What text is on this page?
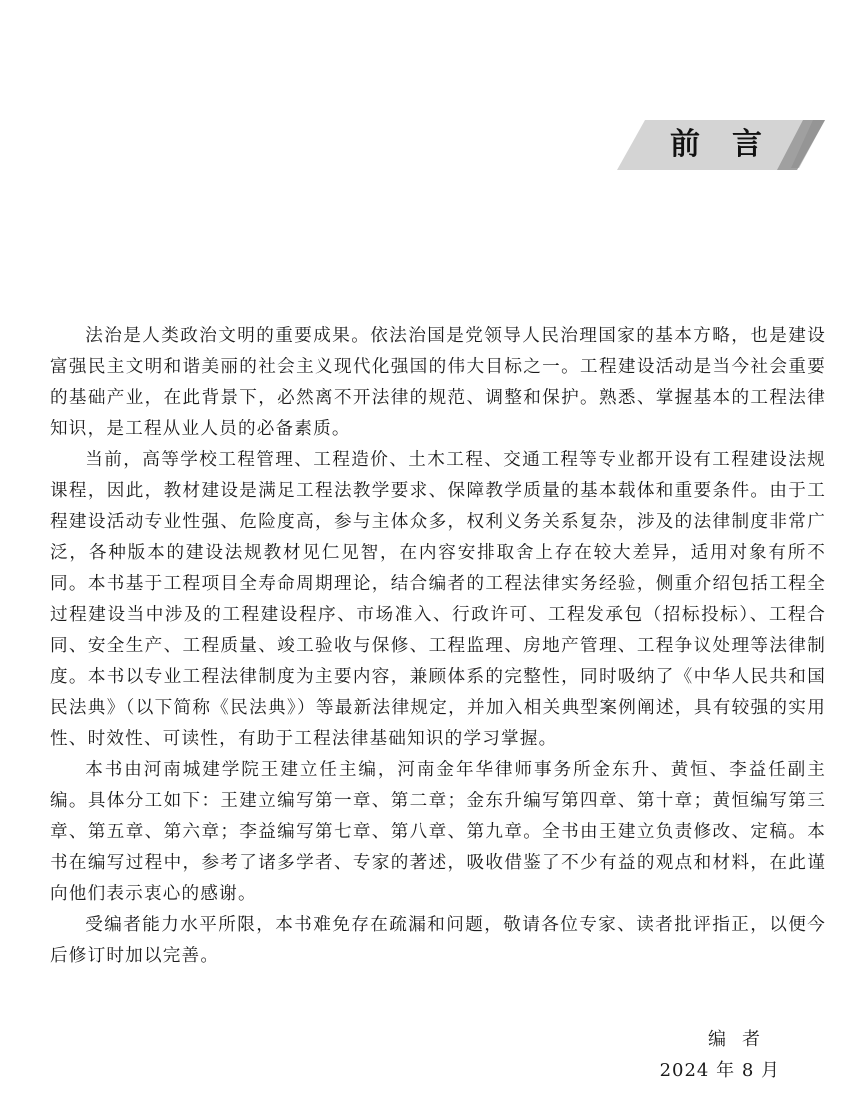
前言

法治是人类政治文明的重要成果。依法治国是党领导人民治理国家的基本方略，也是建设富强民主文明和谐美丽的社会主义现代化强国的伟大目标之一。工程建设活动是当今社会重要的基础产业，在此背景下，必然离不开法律的规范、调整和保护。熟悉、掌握基本的工程法律知识，是工程从业人员的必备素质。

当前，高等学校工程管理、工程造价、土木工程、交通工程等专业都开设有工程建设法规课程，因此，教材建设是满足工程法教学要求、保障教学质量的基本载体和重要条件。由于工程建设活动专业性强、危险度高，参与主体众多，权利义务关系复杂，涉及的法律制度非常广泛，各种版本的建设法规教材见仁见智，在内容安排取舍上存在较大差异，适用对象有所不同。本书基于工程项目全寿命周期理论，结合编者的工程法律实务经验，侧重介绍包括工程全过程建设当中涉及的工程建设程序、市场准入、行政许可、工程发承包（招标投标）、工程合同、安全生产、工程质量、竣工验收与保修、工程监理、房地产管理、工程争议处理等法律制度。本书以专业工程法律制度为主要内容，兼顾体系的完整性，同时吸纳了《中华人民共和国民法典》（以下简称《民法典》）等最新法律规定，并加入相关典型案例阐述，具有较强的实用性、时效性、可读性，有助于工程法律基础知识的学习掌握。

本书由河南城建学院王建立任主编，河南金年华律师事务所金东升、黄恒、李益任副主编。具体分工如下：王建立编写第一章、第二章；金东升编写第四章、第十章；黄恒编写第三章、第五章、第六章；李益编写第七章、第八章、第九章。全书由王建立负责修改、定稿。本书在编写过程中，参考了诸多学者、专家的著述，吸收借鉴了不少有益的观点和材料，在此谨向他们表示衷心的感谢。

受编者能力水平所限，本书难免存在疏漏和问题，敬请各位专家、读者批评指正，以便今后修订时加以完善。

编者
2024 年 8 月
